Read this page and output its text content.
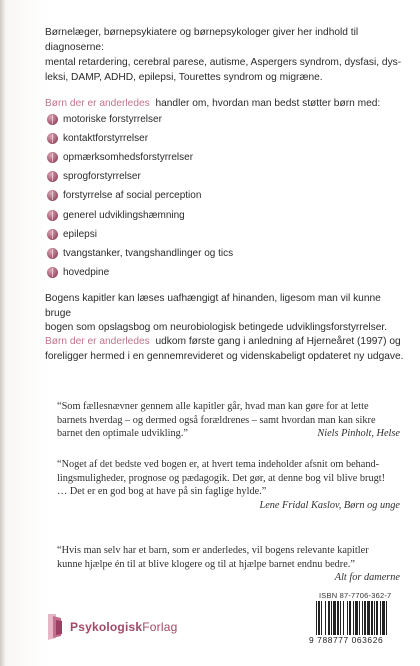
Børnelæger, børnepsykiatere og børnepsykologer giver her indhold til diagnoserne:
mental retardering, cerebral parese, autisme, Aspergers syndrom, dysfasi, dys-
leksi, DAMP, ADHD, epilepsi, Tourettes syndrom og migræne.
Børn der er anderledes handler om, hvordan man bedst støtter børn med:
motoriske forstyrrelser
kontaktforstyrrelser
opmærksomhedsforstyrrelser
sprogforstyrrelser
forstyrrelse af social perception
generel udviklingshæmning
epilepsi
tvangstanker, tvangshandlinger og tics
hovedpine
Bogens kapitler kan læses uafhængigt af hinanden, ligesom man vil kunne bruge
bogen som opslagsbog om neurobiologisk betingede udviklingsforstyrrelser.
Børn der er anderledes udkom første gang i anledning af Hjerneåret (1997) og
foreligger hermed i en gennemrevideret og videnskabeligt opdateret ny udgave.
“Som fællesnævner gennem alle kapitler går, hvad man kan gøre for at lette
barnets hverdag – og dermed også forældrenes – samt hvordan man kan sikre
barnet den optimale udvikling.”	Niels Pinholt, Helse
“Noget af det bedste ved bogen er, at hvert tema indeholder afsnit om behand-
lingsmuligheder, prognose og pædagogik. Det gør, at denne bog vil blive brugt!
… Det er en god bog at have på sin faglige hylde.”
Lene Fridal Kaslov, Børn og unge
“Hvis man selv har et barn, som er anderledes, vil bogens relevante kapitler
kunne hjælpe én til at blive klogere og til at hjælpe barnet endnu bedre.”
Alt for damerne
PsykologiskForlag
ISBN 87-7706-362-7
9 788777 063626
